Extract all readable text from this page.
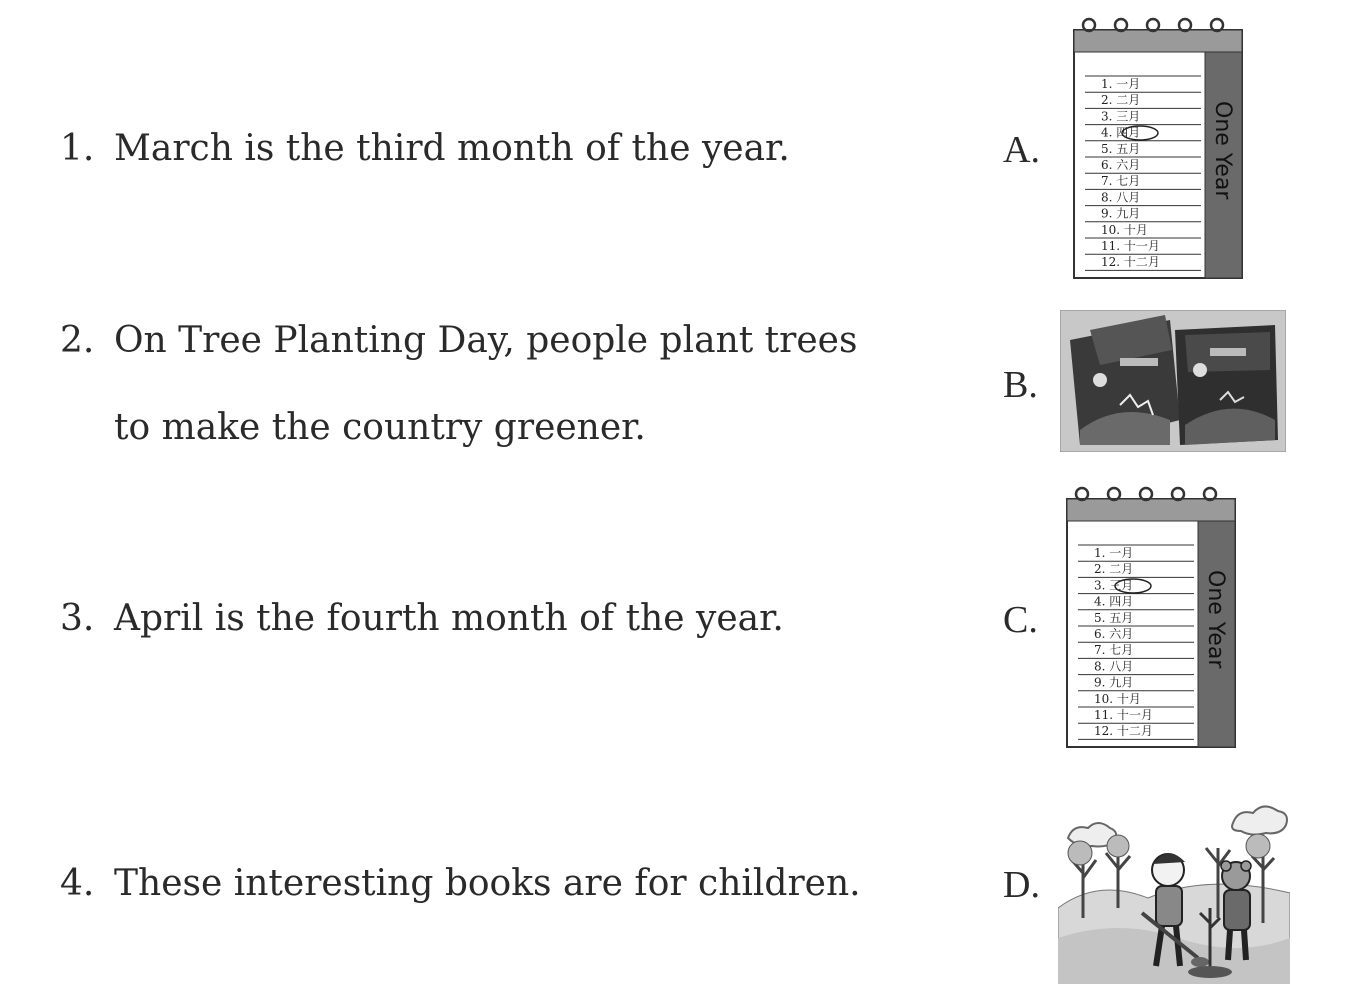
1. March is the third month of the year.
2. On Tree Planting Day, people plant trees
to make the country greener.
3. April is the fourth month of the year.
4. These interesting books are for children.
A.	One Year
1. 一月
2. 二月
3. 三月
4. 四月
5. 五月
6. 六月
7. 七月
8. 八月
9. 九月
10. 十月
11. 十一月
12. 十二月
B.
C.	One Year
1. 一月
2. 二月
3. 三月
4. 四月
5. 五月
6. 六月
7. 七月
8. 八月
9. 九月
10. 十月
11. 十一月
12. 十二月
D.
